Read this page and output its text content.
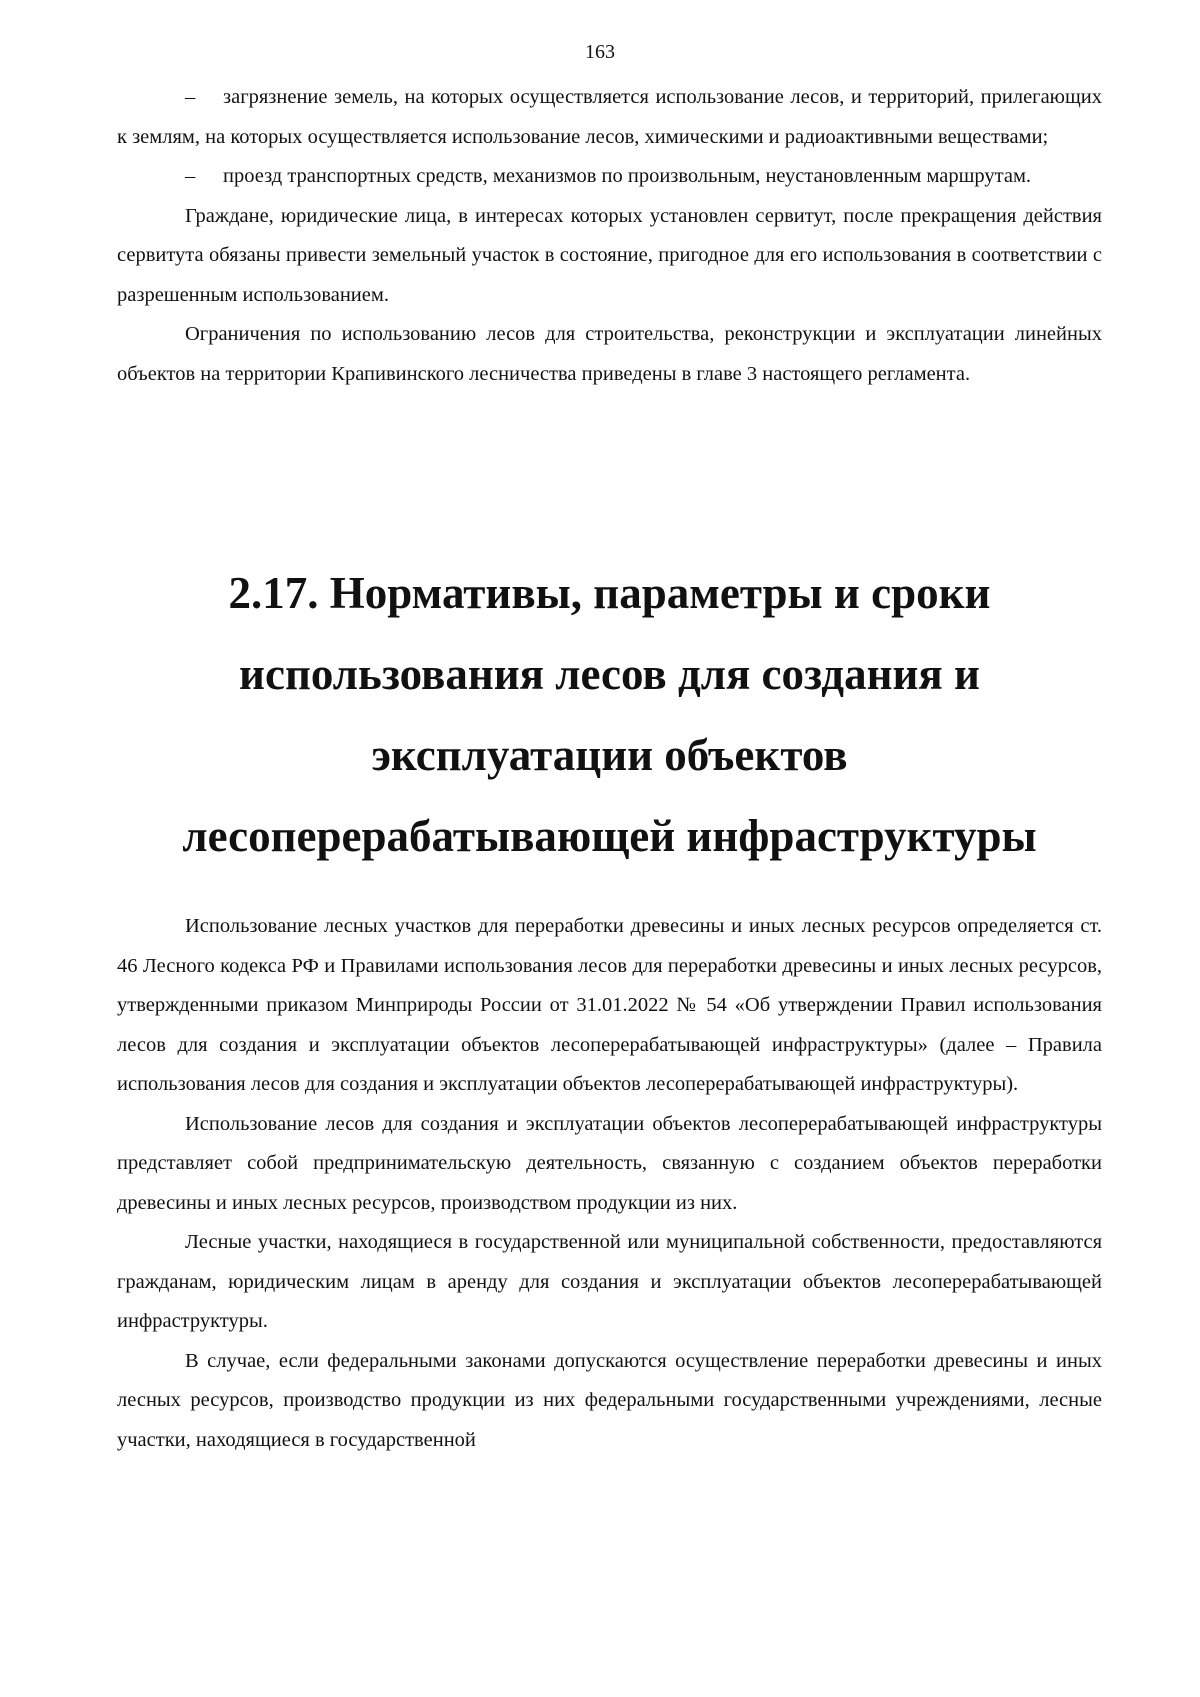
163

– загрязнение земель, на которых осуществляется использование лесов, и территорий, прилегающих к землям, на которых осуществляется использование лесов, химическими и радиоактивными веществами;

– проезд транспортных средств, механизмов по произвольным, неустановленным маршрутам.

Граждане, юридические лица, в интересах которых установлен сервитут, после прекращения действия сервитута обязаны привести земельный участок в состояние, пригодное для его использования в соответствии с разрешенным использованием.

Ограничения по использованию лесов для строительства, реконструкции и эксплуатации линейных объектов на территории Крапивинского лесничества приведены в главе 3 настоящего регламента.

2.17. Нормативы, параметры и сроки
использования лесов для создания и
эксплуатации объектов
лесоперерабатывающей инфраструктуры

Использование лесных участков для переработки древесины и иных лесных ресурсов определяется ст. 46 Лесного кодекса РФ и Правилами использования лесов для переработки древесины и иных лесных ресурсов, утвержденными приказом Минприроды России от 31.01.2022 № 54 «Об утверждении Правил использования лесов для создания и эксплуатации объектов лесоперерабатывающей инфраструктуры» (далее – Правила использования лесов для создания и эксплуатации объектов лесоперерабатывающей инфраструктуры).

Использование лесов для создания и эксплуатации объектов лесоперерабатывающей инфраструктуры представляет собой предпринимательскую деятельность, связанную с созданием объектов переработки древесины и иных лесных ресурсов, производством продукции из них.

Лесные участки, находящиеся в государственной или муниципальной собственности, предоставляются гражданам, юридическим лицам в аренду для создания и эксплуатации объектов лесоперерабатывающей инфраструктуры.

В случае, если федеральными законами допускаются осуществление переработки древесины и иных лесных ресурсов, производство продукции из них федеральными государственными учреждениями, лесные участки, находящиеся в государственной
